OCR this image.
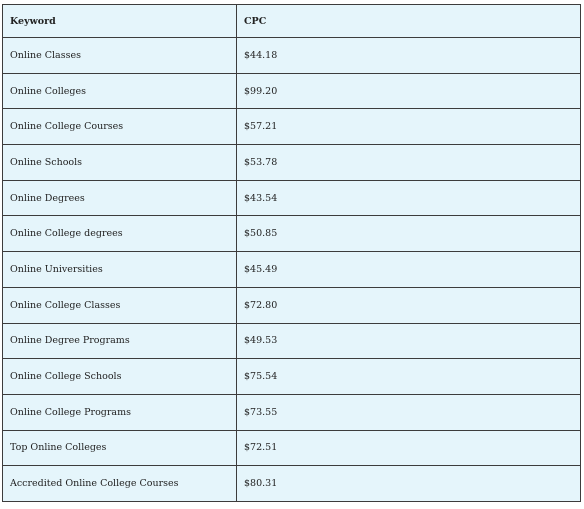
Keyword	CPC
Online Classes	$44.18
Online Colleges	$99.20
Online College Courses	$57.21
Online Schools	$53.78
Online Degrees	$43.54
Online College degrees	$50.85
Online Universities	$45.49
Online College Classes	$72.80
Online Degree Programs	$49.53
Online College Schools	$75.54
Online College Programs	$73.55
Top Online Colleges	$72.51
Accredited Online College Courses	$80.31
